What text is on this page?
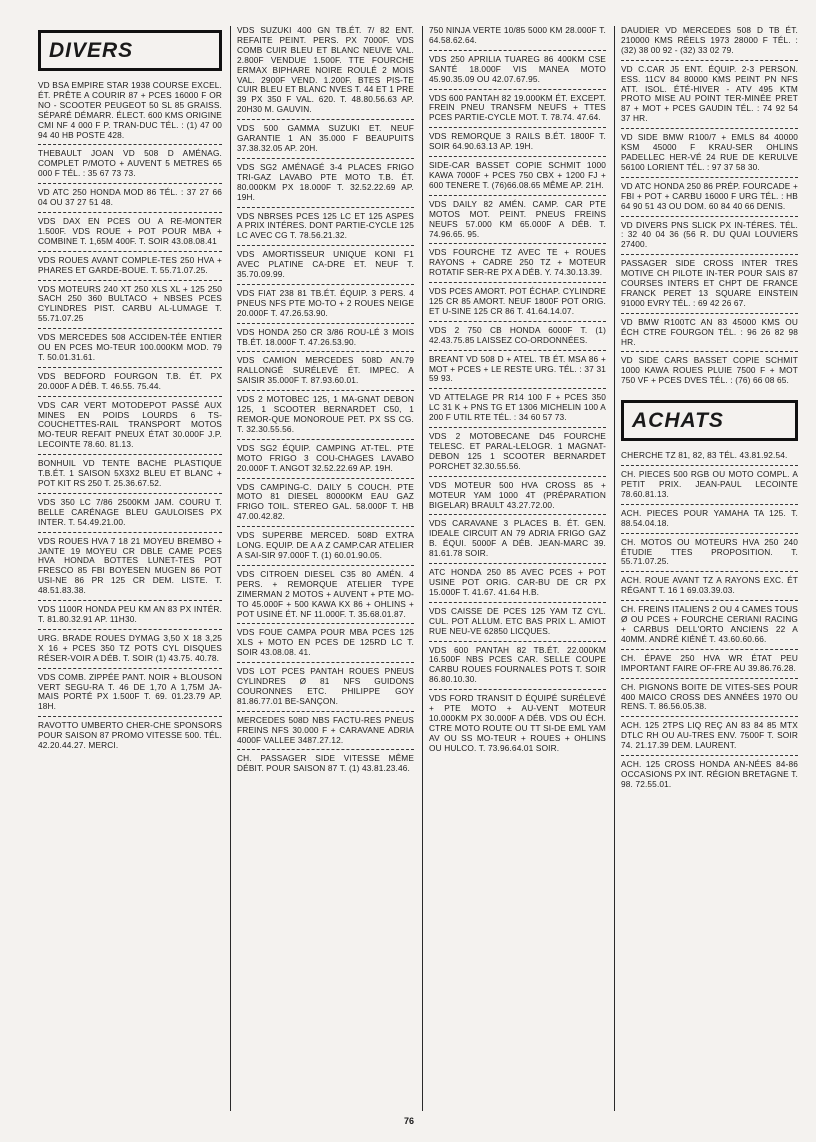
DIVERS
VD BSA EMPIRE STAR 1938 COURSE EXCEL. ÉT. PRÊTE A COURIR 87 + PCES 16000 F OR NO - SCOOTER PEUGEOT 50 SL 85 GRAISS. SÉPARÉ DÉMARR. ÉLECT. 600 KMS ORIGINE CMI NF 4 000 F P. TRAN-DUC TÉL. : (1) 47 00 94 40 HB POSTE 428.
THEBAULT JOAN VD 508 D AMÉNAG. COMPLET P/MOTO + AUVENT 5 METRES 65 000 F TÉL. : 35 67 73 73.
VD ATC 250 HONDA MOD 86 TÉL. : 37 27 66 04 OU 37 27 51 48.
VDS DAX EN PCES OU A RE-MONTER 1.500F. VDS ROUE + POT POUR MBA + COMBINE T. 1,65M 400F. T. SOIR 43.08.08.41
VDS ROUES AVANT COMPLE-TES 250 HVA + PHARES ET GARDE-BOUE. T. 55.71.07.25.
VDS MOTEURS 240 XT 250 XLS XL + 125 250 SACH 250 360 BULTACO + NBSES PCES CYLINDRES PIST. CARBU AL-LUMAGE T. 55.71.07.25
VDS MERCEDES 508 ACCIDEN-TÉE ENTIER OU EN PCES MO-TEUR 100.000KM MOD. 79 T. 50.01.31.61.
VDS BEDFORD FOURGON T.B. ÉT. PX 20.000F A DÉB. T. 46.55. 75.44.
VDS CAR VERT MOTODEPOT PASSÉ AUX MINES EN POIDS LOURDS 6 TS-COUCHETTES-RAIL TRANSPORT MOTOS MO-TEUR REFAIT PNEUX ÉTAT 30.000F J.P. LECOINTE 78.60. 81.13.
BONHUIL VD TENTE BACHE PLASTIQUE T.B.ÉT. 1 SAISON 5X3X2 BLEU ET BLANC + POT KIT RS 250 T. 25.36.67.52.
VDS 350 LC 7/86 2500KM JAM. COURU T. BELLE CARÉNAGE BLEU GAULOISES PX INTER. T. 54.49.21.00.
VDS ROUES HVA 7 18 21 MOYEU BREMBO + JANTE 19 MOYEU CR DBLE CAME PCES HVA HONDA BOTTES LUNET-TES POT FRESCO 85 FBI BOYESEN MUGEN 86 POT USI-NE 86 PR 125 CR DEM. LISTE. T. 48.51.83.38.
VDS 1100R HONDA PEU KM AN 83 PX INTÉR. T. 81.80.32.91 AP. 11H30.
URG. BRADE ROUES DYMAG 3,50 X 18 3,25 X 16 + PCES 350 TZ POTS CYL DISQUES RÉSER-VOIR A DÉB. T. SOIR (1) 43.75. 40.78.
VDS COMB. ZIPPÉE PANT. NOIR + BLOUSON VERT SEGU-RA T. 46 DE 1,70 A 1,75M JA-MAIS PORTÉ PX 1.500F T. 69. 01.23.79 AP. 18H.
RAVOTTO UMBERTO CHER-CHE SPONSORS POUR SAISON 87 PROMO VITESSE 500. TÉL. 42.20.44.27. MERCI.
VDS SUZUKI 400 GN TB.ÉT. 7/ 82 ENT. REFAITE PEINT. PERS. PX 7000F. VDS COMB CUIR BLEU ET BLANC NEUVE VAL. 2.800F VENDUE 1.500F. TTE FOURCHE ERMAX BIPHARE NOIRE ROULÉ 2 MOIS VAL. 2900F VEND. 1.200F. BTES PIS-TE CUIR BLEU ET BLANC NVES T. 44 ET 1 PRE 39 PX 350 F VAL. 620. T. 48.80.56.63 AP. 20H30 M. GAUVIN.
VDS 500 GAMMA SUZUKI ET. NEUF GARANTIE 1 AN 35.000 F BEAUPUITS 37.38.32.05 AP. 20H.
VDS SG2 AMÉNAGÉ 3-4 PLACES FRIGO TRI-GAZ LAVABO PTE MOTO T.B. ÉT. 80.000KM PX 18.000F T. 32.52.22.69 AP. 19H.
VDS NBRSES PCES 125 LC ET 125 ASPES A PRIX INTÉRES. DONT PARTIE-CYCLE 125 LC AVEC CG T. 78.56.21.32.
VDS AMORTISSEUR UNIQUE KONI F1 AVEC PLATINE CA-DRE ET. NEUF T. 35.70.09.99.
VDS FIAT 238 81 TB.ÉT. ÉQUIP. 3 PERS. 4 PNEUS NFS PTE MO-TO + 2 ROUES NEIGE 20.000F T. 47.26.53.90.
VDS HONDA 250 CR 3/86 ROU-LÉ 3 MOIS TB.ÉT. 18.000F T. 47.26.53.90.
VDS CAMION MERCEDES 508D AN.79 RALLONGÉ SURÉLEVÉ ÉT. IMPEC. A SAISIR 35.000F T. 87.93.60.01.
VDS 2 MOTOBEC 125, 1 MA-GNAT DEBON 125, 1 SCOOTER BERNARDET C50, 1 REMOR-QUE MONOROUE PET. PX SS CG. T. 32.30.55.56.
VDS SG2 ÉQUIP. CAMPING AT-TEL. PTE MOTO FRIGO 3 COU-CHAGES LAVABO 20.000F T. ANGOT 32.52.22.69 AP. 19H.
VDS CAMPING-C. DAILY 5 COUCH. PTE MOTO 81 DIESEL 80000KM EAU GAZ FRIGO TOIL. STEREO GAL. 58.000F T. HB 47.00.42.82.
VDS SUPERBE MERCED. 508D EXTRA LONG. EQUIP. DE A A Z CAMP.CAR ATELIER A SAI-SIR 97.000F T. (1) 60.01.90.05.
VDS CITROEN DIESEL C35 80 AMÉN. 4 PERS. + REMORQUE ATELIER TYPE ZIMERMAN 2 MOTOS + AUVENT + PTE MO-TO 45.000F + 500 KAWA KX 86 + OHLINS + POT USINE ÉT. NF 11.000F. T. 35.68.01.87.
VDS FOUE CAMPA POUR MBA PCES 125 XLS + MOTO EN PCES DE 125RD LC T. SOIR 43.08.08. 41.
VDS LOT PCES PANTAH ROUES PNEUS CYLINDRES Ø 81 NFS GUIDONS COURONNES ETC. PHILIPPE GOY 81.86.77.01 BE-SANÇON.
MERCEDES 508D NBS FACTU-RES PNEUS FREINS NFS 30.000 F + CARAVANE ADRIA 4000F VALLEE 3487.27.12.
CH. PASSAGER SIDE VITESSE MÊME DÉBIT. POUR SAISON 87 T. (1) 43.81.23.46.
750 NINJA VERTE 10/85 5000 KM 28.000F T. 64.58.62.64.
VDS 250 APRILIA TUAREG 86 400KM CSE SANTÉ 18.000F VIS MANEA MOTO 45.90.35.09 OU 42.07.67.95.
VDS 600 PANTAH 82 19.000KM ÉT. EXCEPT. FREIN PNEU TRANSFM NEUFS + TTES PCES PARTIE-CYCLE MOT. T. 78.74. 47.64.
VDS REMORQUE 3 RAILS B.ÉT. 1800F T. SOIR 64.90.63.13 AP. 19H.
SIDE-CAR BASSET COPIE SCHMIT 1000 KAWA 7000F + PCES 750 CBX + 1200 FJ + 600 TENERE T. (76)66.08.65 MÊME AP. 21H.
VDS DAILY 82 AMÉN. CAMP. CAR PTE MOTOS MOT. PEINT. PNEUS FREINS NEUFS 57.000 KM 65.000F A DÉB. T. 74.96.65. 95.
VDS FOURCHE TZ AVEC TE + ROUES RAYONS + CADRE 250 TZ + MOTEUR ROTATIF SER-RE PX A DÉB. Y. 74.30.13.39.
VDS PCES AMORT. POT ÉCHAP. CYLINDRE 125 CR 85 AMORT. NEUF 1800F POT ORIG. ET U-SINE 125 CR 86 T. 41.64.14.07.
VDS 2 750 CB HONDA 6000F T. (1) 42.43.75.85 LAISSEZ CO-ORDONNÉES.
BREANT VD 508 D + ATEL. TB ÉT. MSA 86 + MOT + PCES + LE RESTE URG. TÉL. : 37 31 59 93.
VD ATTELAGE PR R14 100 F + PCES 350 LC 31 K + PNS TG ET 1306 MICHELIN 100 A 200 F UTIL RTE TÉL. : 34 60 57 73.
VDS 2 MOTOBECANE D45 FOURCHE TELESC. ET PARAL-LELOGR. 1 MAGNAT-DEBON 125 1 SCOOTER BERNARDET PORCHET 32.30.55.56.
VDS MOTEUR 500 HVA CROSS 85 + MOTEUR YAM 1000 4T (PRÉPARATION BIGELAR) BRAULT 43.27.72.00.
VDS CARAVANE 3 PLACES B. ÉT. GEN. IDEALE CIRCUIT AN 79 ADRIA FRIGO GAZ B. ÉQUI. 5000F A DÉB. JEAN-MARC 39. 81.61.78 SOIR.
ATC HONDA 250 85 AVEC PCES + POT USINE POT ORIG. CAR-BU DE CR PX 15.000F T. 41.67. 41.64 H.B.
VDS CAISSE DE PCES 125 YAM TZ CYL. CUL. POT ALLUM. ETC BAS PRIX L. AMIOT RUE NEU-VE 62850 LICQUES.
VDS 600 PANTAH 82 TB.ÉT. 22.000KM 16.500F NBS PCES CAR. SELLE COUPE CARBU ROUES FOURNALES POTS T. SOIR 86.80.10.30.
VDS FORD TRANSIT D ÉQUIPÉ SURÉLEVÉ + PTE MOTO + AU-VENT MOTEUR 10.000KM PX 30.000F A DÉB. VDS OU ÉCH. CTRE MOTO ROUTE OU TT SI-DE EML YAM AV OU SS MO-TEUR + ROUES + OHLINS OU HULCO. T. 73.96.64.01 SOIR.
DAUDIER VD MERCEDES 508 D TB ÉT. 210000 KMS RÉELS 1973 28000 F TÉL. : (32) 38 00 92 - (32) 33 02 79.
VD C.CAR J5 ENT. ÉQUIP. 2-3 PERSON. ESS. 11CV 84 80000 KMS PEINT PN NFS ATT. ISOL. ÉTÉ-HIVER - ATV 495 KTM PROTO MISE AU POINT TER-MINÉE PRET 87 + MOT + PCES GAUDIN TÉL. : 74 92 54 37 HR.
VD SIDE BMW R100/7 + EMLS 84 40000 KSM 45000 F KRAU-SER OHLINS PADELLEC HER-VÉ 24 RUE DE KERULVE 56100 LORIENT TÉL. : 97 37 58 30.
VD ATC HONDA 250 86 PRÉP. FOURCADE + FBI + POT + CARBU 16000 F URG TÉL. : HB 64 90 51 43 OU DOM. 60 84 40 66 DENIS.
VD DIVERS PNS SLICK PX IN-TÉRES. TÉL. : 32 40 04 36 (56 R. DU QUAI LOUVIERS 27400.
PASSAGER SIDE CROSS INTER TRES MOTIVE CH PILOTE IN-TER POUR SAIS 87 COURSES INTERS ET CHPT DE FRANCE FRANCK PERET 13 SQUARE EINSTEIN 91000 EVRY TÉL. : 69 42 26 67.
VD BMW R100TC AN 83 45000 KMS OU ÉCH CTRE FOURGON TÉL. : 96 26 82 98 HR.
VD SIDE CARS BASSET COPIE SCHMIT 1000 KAWA ROUES PLUIE 7500 F + MOT 750 VF + PCES DVES TÉL. : (76) 66 08 65.
ACHATS
CHERCHE TZ 81, 82, 83 TÉL. 43.81.92.54.
CH. PIECES 500 RGB OU MOTO COMPL. A PETIT PRIX. JEAN-PAUL LECOINTE 78.60.81.13.
ACH. PIECES POUR YAMAHA TA 125. T. 88.54.04.18.
CH. MOTOS OU MOTEURS HVA 250 240 ÉTUDIE TTES PROPOSITION. T. 55.71.07.25.
ACH. ROUE AVANT TZ A RAYONS EXC. ÉT RÉGANT T. 16 1 69.03.39.03.
CH. FREINS ITALIENS 2 OU 4 CAMES TOUS Ø OU PCES + FOURCHE CERIANI RACING + CARBUS DELL'ORTO ANCIENS 22 A 40MM. ANDRÉ KIÉNÉ T. 43.60.60.66.
CH. ÉPAVE 250 HVA WR ÉTAT PEU IMPORTANT FAIRE OF-FRE AU 39.86.76.28.
CH. PIGNONS BOITE DE VITES-SES POUR 400 MAICO CROSS DES ANNÉES 1970 OU RENS. T. 86.56.05.38.
ACH. 125 2TPS LIQ REÇ AN 83 84 85 MTX DTLC RH OU AU-TRES ENV. 7500F T. SOIR 74. 21.17.39 DEM. LAURENT.
ACH. 125 CROSS HONDA AN-NÉES 84-86 OCCASIONS PX INT. RÉGION BRETAGNE T. 98. 72.55.01.
76
